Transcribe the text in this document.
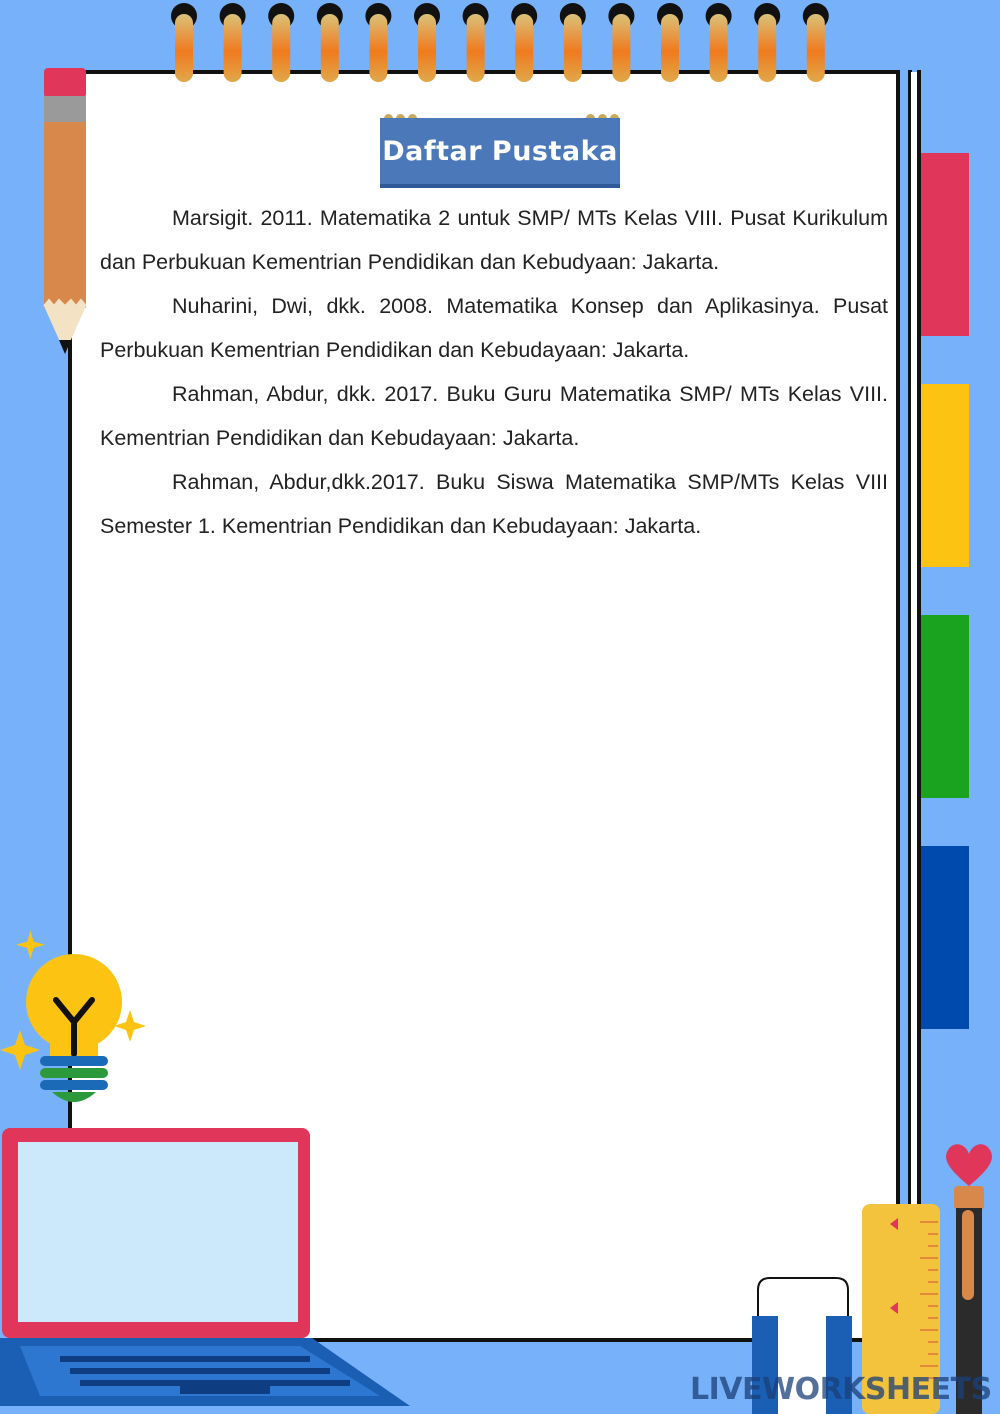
Daftar Pustaka

Marsigit. 2011. Matematika 2 untuk SMP/ MTs Kelas VIII. Pusat Kurikulum dan Perbukuan Kementrian Pendidikan dan Kebudyaan: Jakarta.

Nuharini, Dwi, dkk. 2008. Matematika Konsep dan Aplikasinya. Pusat Perbukuan Kementrian Pendidikan dan Kebudayaan: Jakarta.

Rahman, Abdur, dkk. 2017. Buku Guru Matematika SMP/ MTs Kelas VIII. Kementrian Pendidikan dan Kebudayaan: Jakarta.

Rahman, Abdur,dkk.2017. Buku Siswa Matematika SMP/MTs Kelas VIII Semester 1. Kementrian Pendidikan dan Kebudayaan: Jakarta.

LIVEWORKSHEETS
